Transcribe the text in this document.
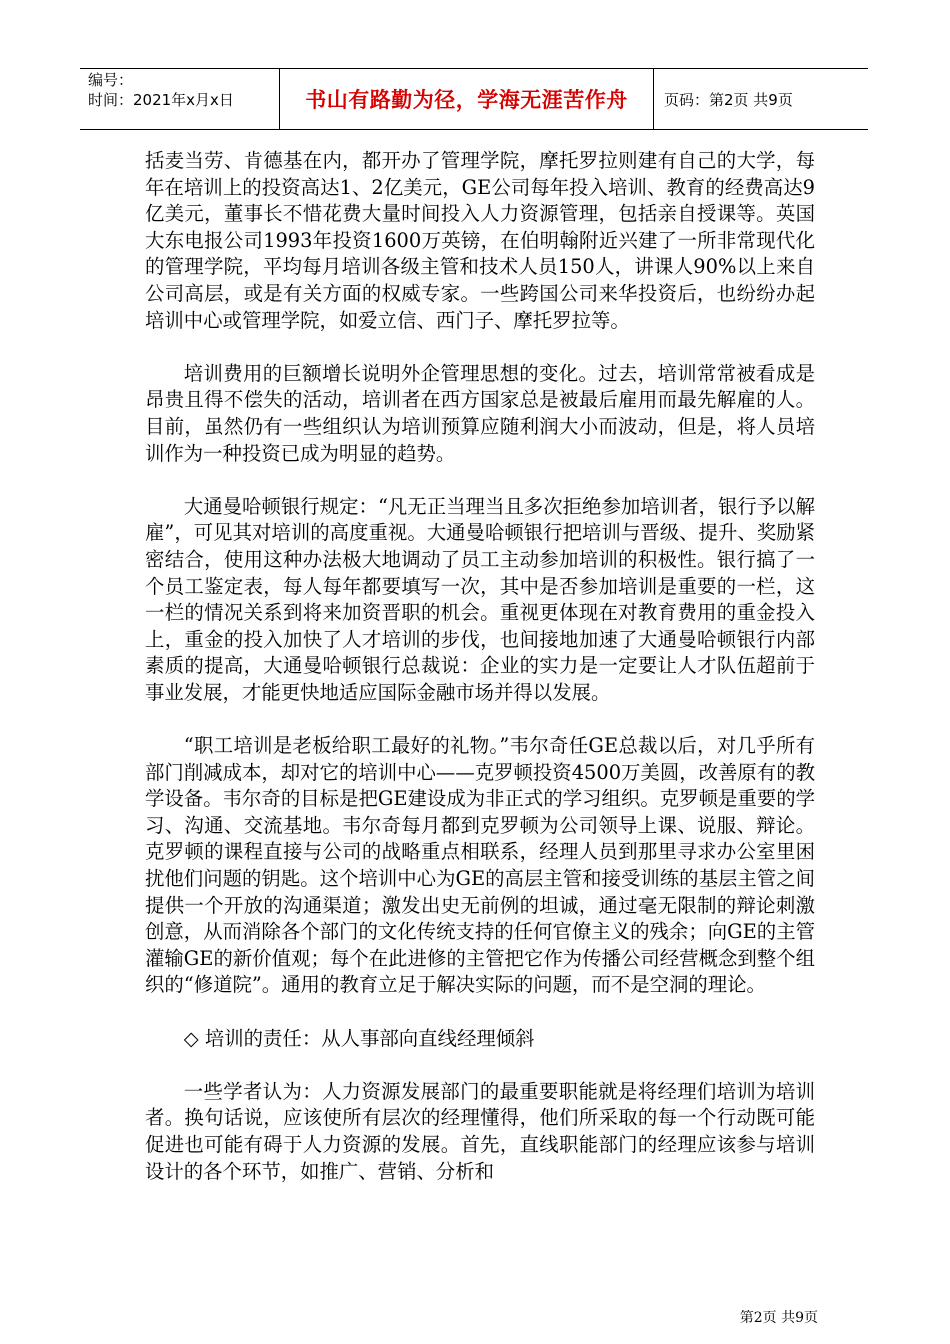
编号：
时间：2021年x月x日	书山有路勤为径，学海无涯苦作舟	页码：第2页 共9页

括麦当劳、肯德基在内，都开办了管理学院，摩托罗拉则建有自己的大学，每年在培训上的投资高达1、2亿美元，GE公司每年投入培训、教育的经费高达9亿美元，董事长不惜花费大量时间投入人力资源管理，包括亲自授课等。英国大东电报公司1993年投资1600万英镑，在伯明翰附近兴建了一所非常现代化的管理学院，平均每月培训各级主管和技术人员150人，讲课人90%以上来自公司高层，或是有关方面的权威专家。一些跨国公司来华投资后，也纷纷办起培训中心或管理学院，如爱立信、西门子、摩托罗拉等。

培训费用的巨额增长说明外企管理思想的变化。过去，培训常常被看成是昂贵且得不偿失的活动，培训者在西方国家总是被最后雇用而最先解雇的人。目前，虽然仍有一些组织认为培训预算应随利润大小而波动，但是，将人员培训作为一种投资已成为明显的趋势。

大通曼哈顿银行规定：“凡无正当理当且多次拒绝参加培训者，银行予以解雇”，可见其对培训的高度重视。大通曼哈顿银行把培训与晋级、提升、奖励紧密结合，使用这种办法极大地调动了员工主动参加培训的积极性。银行搞了一个员工鉴定表，每人每年都要填写一次，其中是否参加培训是重要的一栏，这一栏的情况关系到将来加资晋职的机会。重视更体现在对教育费用的重金投入上，重金的投入加快了人才培训的步伐，也间接地加速了大通曼哈顿银行内部素质的提高，大通曼哈顿银行总裁说：企业的实力是一定要让人才队伍超前于事业发展，才能更快地适应国际金融市场并得以发展。

“职工培训是老板给职工最好的礼物。”韦尔奇任GE总裁以后，对几乎所有部门削减成本，却对它的培训中心——克罗顿投资4500万美圆，改善原有的教学设备。韦尔奇的目标是把GE建设成为非正式的学习组织。克罗顿是重要的学习、沟通、交流基地。韦尔奇每月都到克罗顿为公司领导上课、说服、辩论。克罗顿的课程直接与公司的战略重点相联系，经理人员到那里寻求办公室里困扰他们问题的钥匙。这个培训中心为GE的高层主管和接受训练的基层主管之间提供一个开放的沟通渠道；激发出史无前例的坦诚，通过毫无限制的辩论刺激创意，从而消除各个部门的文化传统支持的任何官僚主义的残余；向GE的主管灌输GE的新价值观；每个在此进修的主管把它作为传播公司经营概念到整个组织的“修道院”。通用的教育立足于解决实际的问题，而不是空洞的理论。

◇ 培训的责任：从人事部向直线经理倾斜

一些学者认为：人力资源发展部门的最重要职能就是将经理们培训为培训者。换句话说，应该使所有层次的经理懂得，他们所采取的每一个行动既可能促进也可能有碍于人力资源的发展。首先，直线职能部门的经理应该参与培训设计的各个环节，如推广、营销、分析和

第2页 共9页
